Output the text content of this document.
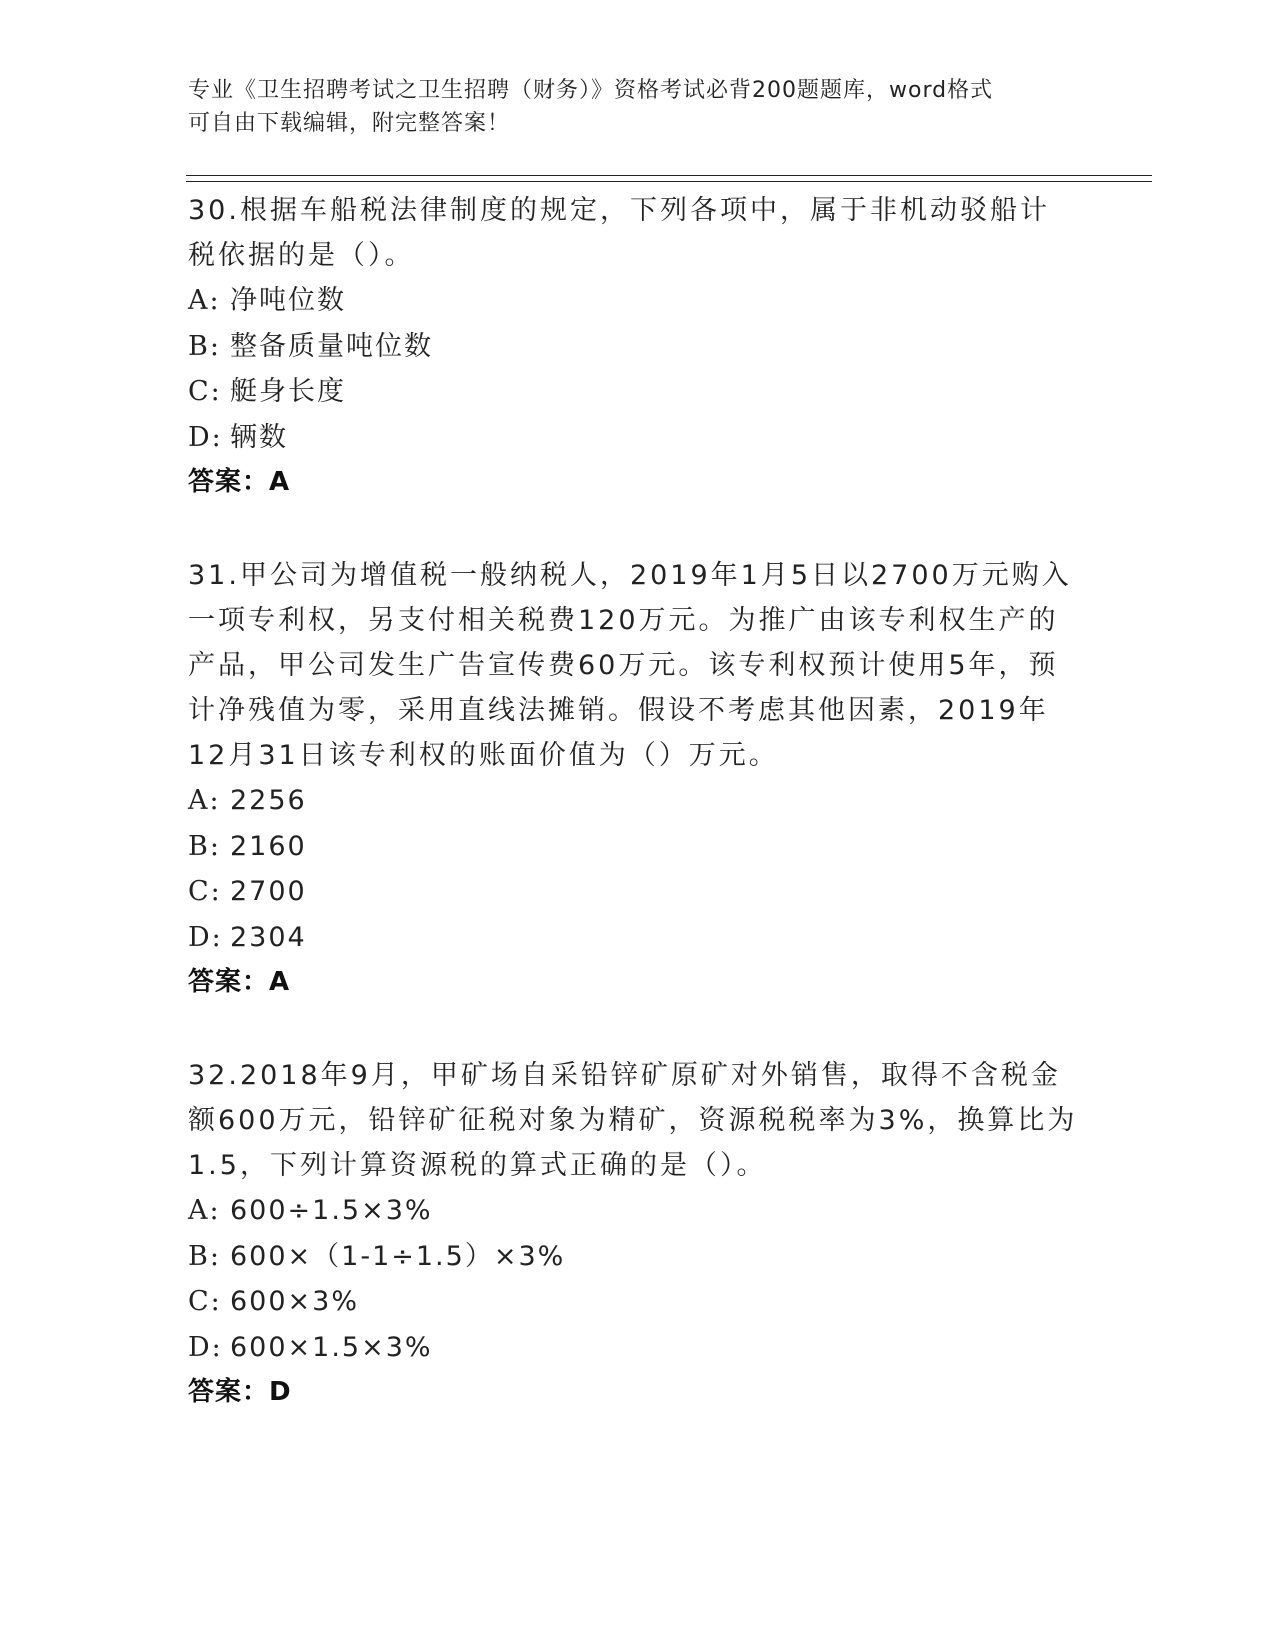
专业《卫生招聘考试之卫生招聘（财务）》资格考试必背200题题库，word格式
可自由下载编辑，附完整答案！

30.根据车船税法律制度的规定，下列各项中，属于非机动驳船计税依据的是（）。

A: 净吨位数

B: 整备质量吨位数

C: 艇身长度

D: 辆数

答案：A

31.甲公司为增值税一般纳税人，2019年1月5日以2700万元购入一项专利权，另支付相关税费120万元。为推广由该专利权生产的产品，甲公司发生广告宣传费60万元。该专利权预计使用5年，预计净残值为零，采用直线法摊销。假设不考虑其他因素，2019年12月31日该专利权的账面价值为（）万元。

A: 2256

B: 2160

C: 2700

D: 2304

答案：A

32.2018年9月，甲矿场自采铅锌矿原矿对外销售，取得不含税金额600万元，铅锌矿征税对象为精矿，资源税税率为3%，换算比为1.5，下列计算资源税的算式正确的是（）。

A: 600÷1.5×3%

B: 600×（1-1÷1.5）×3%

C: 600×3%

D: 600×1.5×3%

答案：D
